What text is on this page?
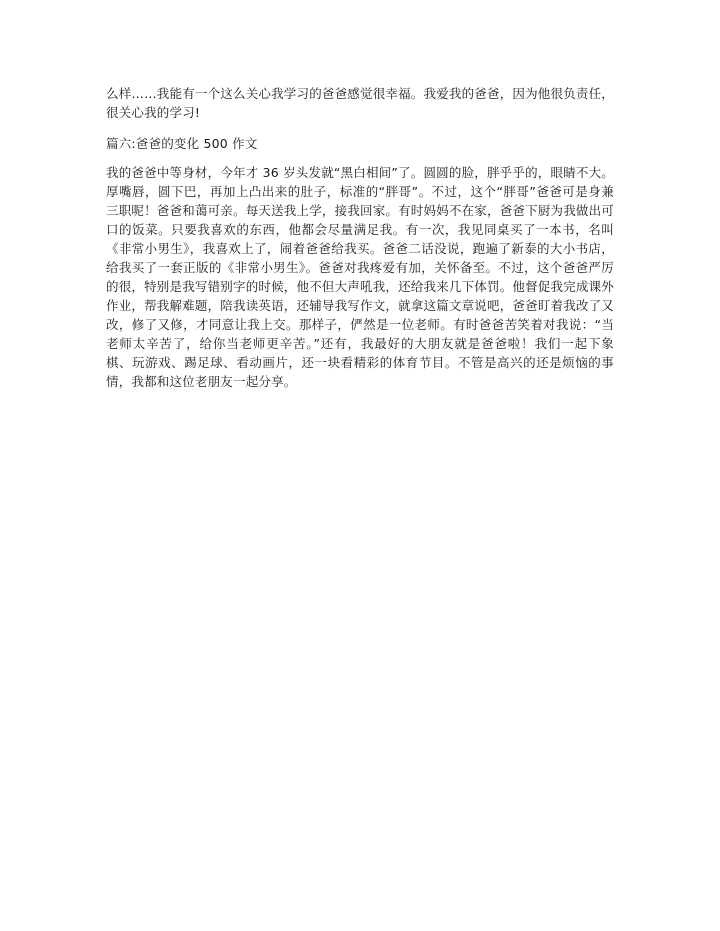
么样……我能有一个这么关心我学习的爸爸感觉很幸福。我爱我的爸爸，因为他很负责任，很关心我的学习!
篇六:爸爸的变化 500 作文
我的爸爸中等身材，今年才 36 岁头发就“黑白相间”了。圆圆的脸，胖乎乎的，眼睛不大。厚嘴唇，圆下巴，再加上凸出来的肚子，标准的“胖哥”。不过，这个“胖哥”爸爸可是身兼三职呢！爸爸和蔼可亲。每天送我上学，接我回家。有时妈妈不在家，爸爸下厨为我做出可口的饭菜。只要我喜欢的东西，他都会尽量满足我。有一次，我见同桌买了一本书，名叫《非常小男生》，我喜欢上了，闹着爸爸给我买。爸爸二话没说，跑遍了新泰的大小书店，给我买了一套正版的《非常小男生》。爸爸对我疼爱有加，关怀备至。不过，这个爸爸严厉的很，特别是我写错别字的时候，他不但大声吼我，还给我来几下体罚。他督促我完成课外作业，帮我解难题，陪我读英语，还辅导我写作文，就拿这篇文章说吧，爸爸盯着我改了又改，修了又修，才同意让我上交。那样子，俨然是一位老师。有时爸爸苦笑着对我说：“当老师太辛苦了，给你当老师更辛苦。”还有，我最好的大朋友就是爸爸啦！我们一起下象棋、玩游戏、踢足球、看动画片，还一块看精彩的体育节目。不管是高兴的还是烦恼的事情，我都和这位老朋友一起分享。
